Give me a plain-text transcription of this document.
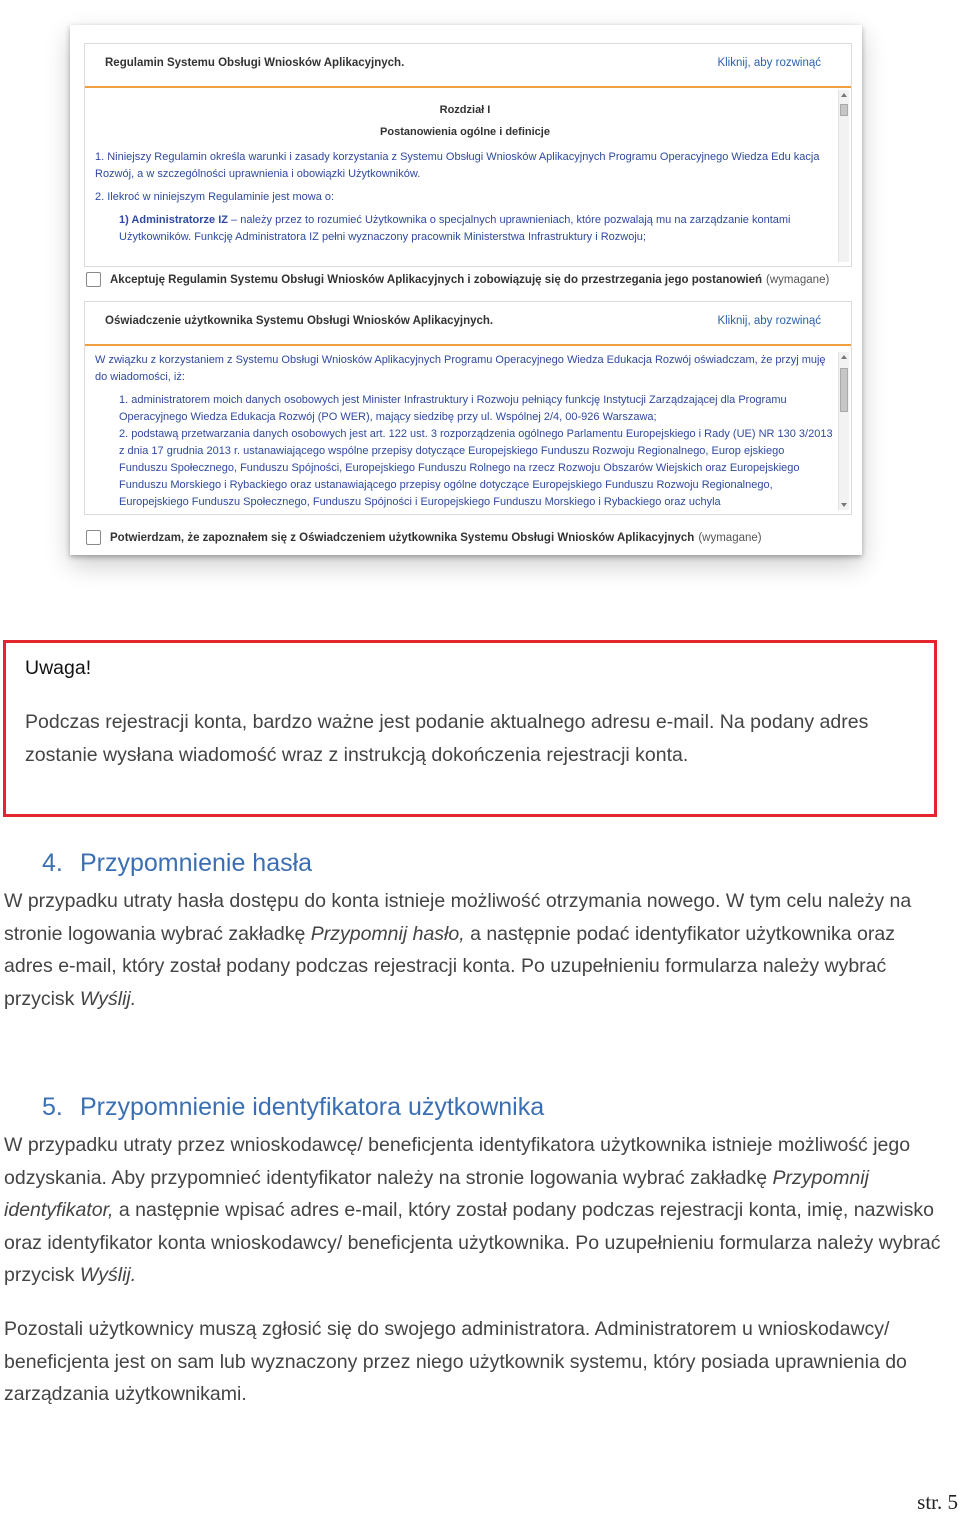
Regulamin Systemu Obsługi Wniosków Aplikacyjnych.	Kliknij, aby rozwinąć
Rozdział I
Postanowienia ogólne i definicje

1. Niniejszy Regulamin określa warunki i zasady korzystania z Systemu Obsługi Wniosków Aplikacyjnych Programu Operacyjnego Wiedza Edu kacja Rozwój, a w szczególności uprawnienia i obowiązki Użytkowników.

2. Ilekroć w niniejszym Regulaminie jest mowa o:

1) Administratorze IZ – należy przez to rozumieć Użytkownika o specjalnych uprawnieniach, które pozwalają mu na zarządzanie kontami Użytkowników. Funkcję Administratora IZ pełni wyznaczony pracownik Ministerstwa Infrastruktury i Rozwoju;

Akceptuję Regulamin Systemu Obsługi Wniosków Aplikacyjnych i zobowiązuję się do przestrzegania jego postanowień (wymagane)
Oświadczenie użytkownika Systemu Obsługi Wniosków Aplikacyjnych.	Kliknij, aby rozwinąć

W związku z korzystaniem z Systemu Obsługi Wniosków Aplikacyjnych Programu Operacyjnego Wiedza Edukacja Rozwój oświadczam, że przyj muję do wiadomości, iż:

1. administratorem moich danych osobowych jest Minister Infrastruktury i Rozwoju pełniący funkcję Instytucji Zarządzającej dla Programu Operacyjnego Wiedza Edukacja Rozwój (PO WER), mający siedzibę przy ul. Wspólnej 2/4, 00-926 Warszawa;

2. podstawą przetwarzania danych osobowych jest art. 122 ust. 3 rozporządzenia ogólnego Parlamentu Europejskiego i Rady (UE) NR 130 3/2013 z dnia 17 grudnia 2013 r. ustanawiającego wspólne przepisy dotyczące Europejskiego Funduszu Rozwoju Regionalnego, Europ ejskiego Funduszu Społecznego, Funduszu Spójności, Europejskiego Funduszu Rolnego na rzecz Rozwoju Obszarów Wiejskich oraz Europejskiego Funduszu Morskiego i Rybackiego oraz ustanawiającego przepisy ogólne dotyczące Europejskiego Funduszu Rozwoju Regionalnego, Europejskiego Funduszu Społecznego, Funduszu Spójności i Europejskiego Funduszu Morskiego i Rybackiego oraz uchyla

Potwierdzam, że zapoznałem się z Oświadczeniem użytkownika Systemu Obsługi Wniosków Aplikacyjnych (wymagane)
Uwaga!
Podczas rejestracji konta, bardzo ważne jest podanie aktualnego adresu e-mail. Na podany adres zostanie wysłana wiadomość wraz z instrukcją dokończenia rejestracji konta.
4. Przypomnienie hasła
W przypadku utraty hasła dostępu do konta istnieje możliwość otrzymania nowego. W tym celu należy na stronie logowania wybrać zakładkę Przypomnij hasło, a następnie podać identyfikator użytkownika oraz adres e-mail, który został podany podczas rejestracji konta. Po uzupełnieniu formularza należy wybrać przycisk Wyślij.
5. Przypomnienie identyfikatora użytkownika
W przypadku utraty przez wnioskodawcę/ beneficjenta identyfikatora użytkownika istnieje możliwość jego odzyskania. Aby przypomnieć identyfikator należy na stronie logowania wybrać zakładkę Przypomnij identyfikator, a następnie wpisać adres e-mail, który został podany podczas rejestracji konta, imię, nazwisko oraz identyfikator konta wnioskodawcy/ beneficjenta użytkownika. Po uzupełnieniu formularza należy wybrać przycisk Wyślij.
Pozostali użytkownicy muszą zgłosić się do swojego administratora. Administratorem u wnioskodawcy/ beneficjenta jest on sam lub wyznaczony przez niego użytkownik systemu, który posiada uprawnienia do zarządzania użytkownikami.
str. 5
